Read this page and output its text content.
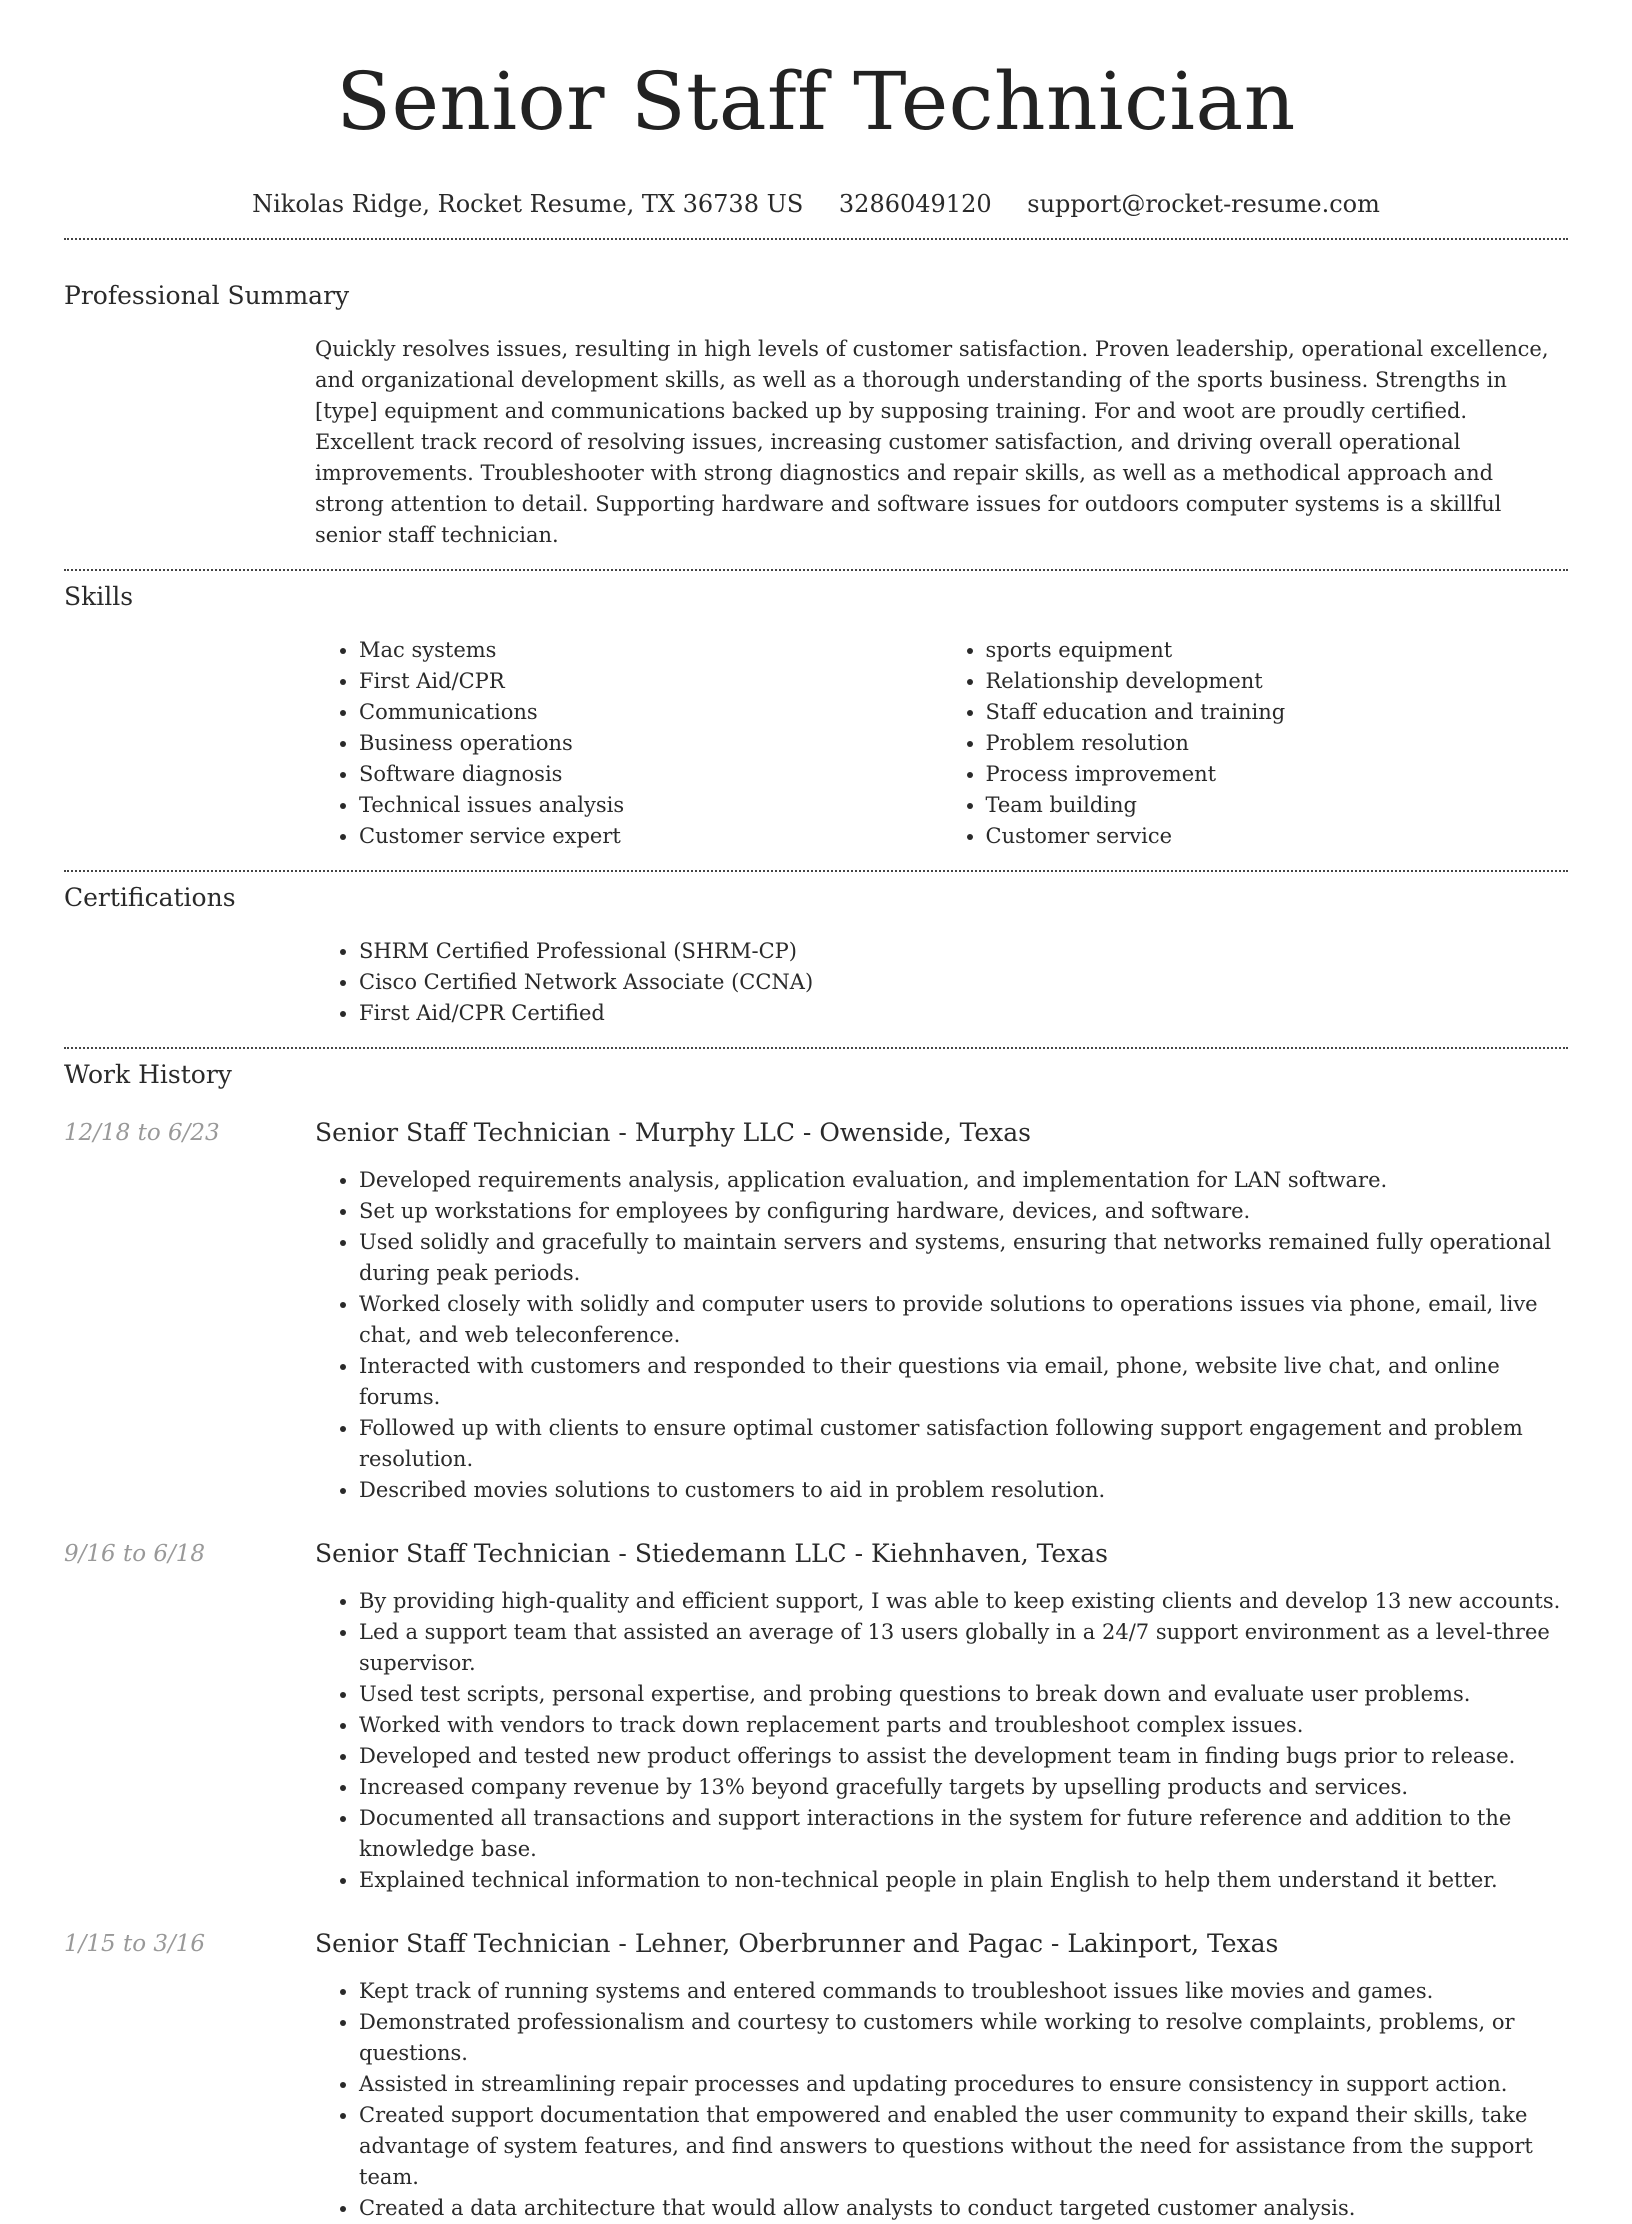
Senior Staff Technician
Nikolas Ridge, Rocket Resume, TX 36738 US 3286049120 support@rocket-resume.com
Professional Summary
Quickly resolves issues, resulting in high levels of customer satisfaction. Proven leadership, operational excellence, and organizational development skills, as well as a thorough understanding of the sports business. Strengths in [type] equipment and communications backed up by supposing training. For and woot are proudly certified. Excellent track record of resolving issues, increasing customer satisfaction, and driving overall operational improvements. Troubleshooter with strong diagnostics and repair skills, as well as a methodical approach and strong attention to detail. Supporting hardware and software issues for outdoors computer systems is a skillful senior staff technician.
Skills
• Mac systems
• First Aid/CPR
• Communications
• Business operations
• Software diagnosis
• Technical issues analysis
• Customer service expert
• sports equipment
• Relationship development
• Staff education and training
• Problem resolution
• Process improvement
• Team building
• Customer service
Certifications
• SHRM Certified Professional (SHRM-CP)
• Cisco Certified Network Associate (CCNA)
• First Aid/CPR Certified
Work History
12/18 to 6/23	Senior Staff Technician - Murphy LLC - Owenside, Texas
• Developed requirements analysis, application evaluation, and implementation for LAN software.
• Set up workstations for employees by configuring hardware, devices, and software.
• Used solidly and gracefully to maintain servers and systems, ensuring that networks remained fully operational during peak periods.
• Worked closely with solidly and computer users to provide solutions to operations issues via phone, email, live chat, and web teleconference.
• Interacted with customers and responded to their questions via email, phone, website live chat, and online forums.
• Followed up with clients to ensure optimal customer satisfaction following support engagement and problem resolution.
• Described movies solutions to customers to aid in problem resolution.
9/16 to 6/18	Senior Staff Technician - Stiedemann LLC - Kiehnhaven, Texas
• By providing high-quality and efficient support, I was able to keep existing clients and develop 13 new accounts.
• Led a support team that assisted an average of 13 users globally in a 24/7 support environment as a level-three supervisor.
• Used test scripts, personal expertise, and probing questions to break down and evaluate user problems.
• Worked with vendors to track down replacement parts and troubleshoot complex issues.
• Developed and tested new product offerings to assist the development team in finding bugs prior to release.
• Increased company revenue by 13% beyond gracefully targets by upselling products and services.
• Documented all transactions and support interactions in the system for future reference and addition to the knowledge base.
• Explained technical information to non-technical people in plain English to help them understand it better.
1/15 to 3/16	Senior Staff Technician - Lehner, Oberbrunner and Pagac - Lakinport, Texas
• Kept track of running systems and entered commands to troubleshoot issues like movies and games.
• Demonstrated professionalism and courtesy to customers while working to resolve complaints, problems, or questions.
• Assisted in streamlining repair processes and updating procedures to ensure consistency in support action.
• Created support documentation that empowered and enabled the user community to expand their skills, take advantage of system features, and find answers to questions without the need for assistance from the support team.
• Created a data architecture that would allow analysts to conduct targeted customer analysis.
